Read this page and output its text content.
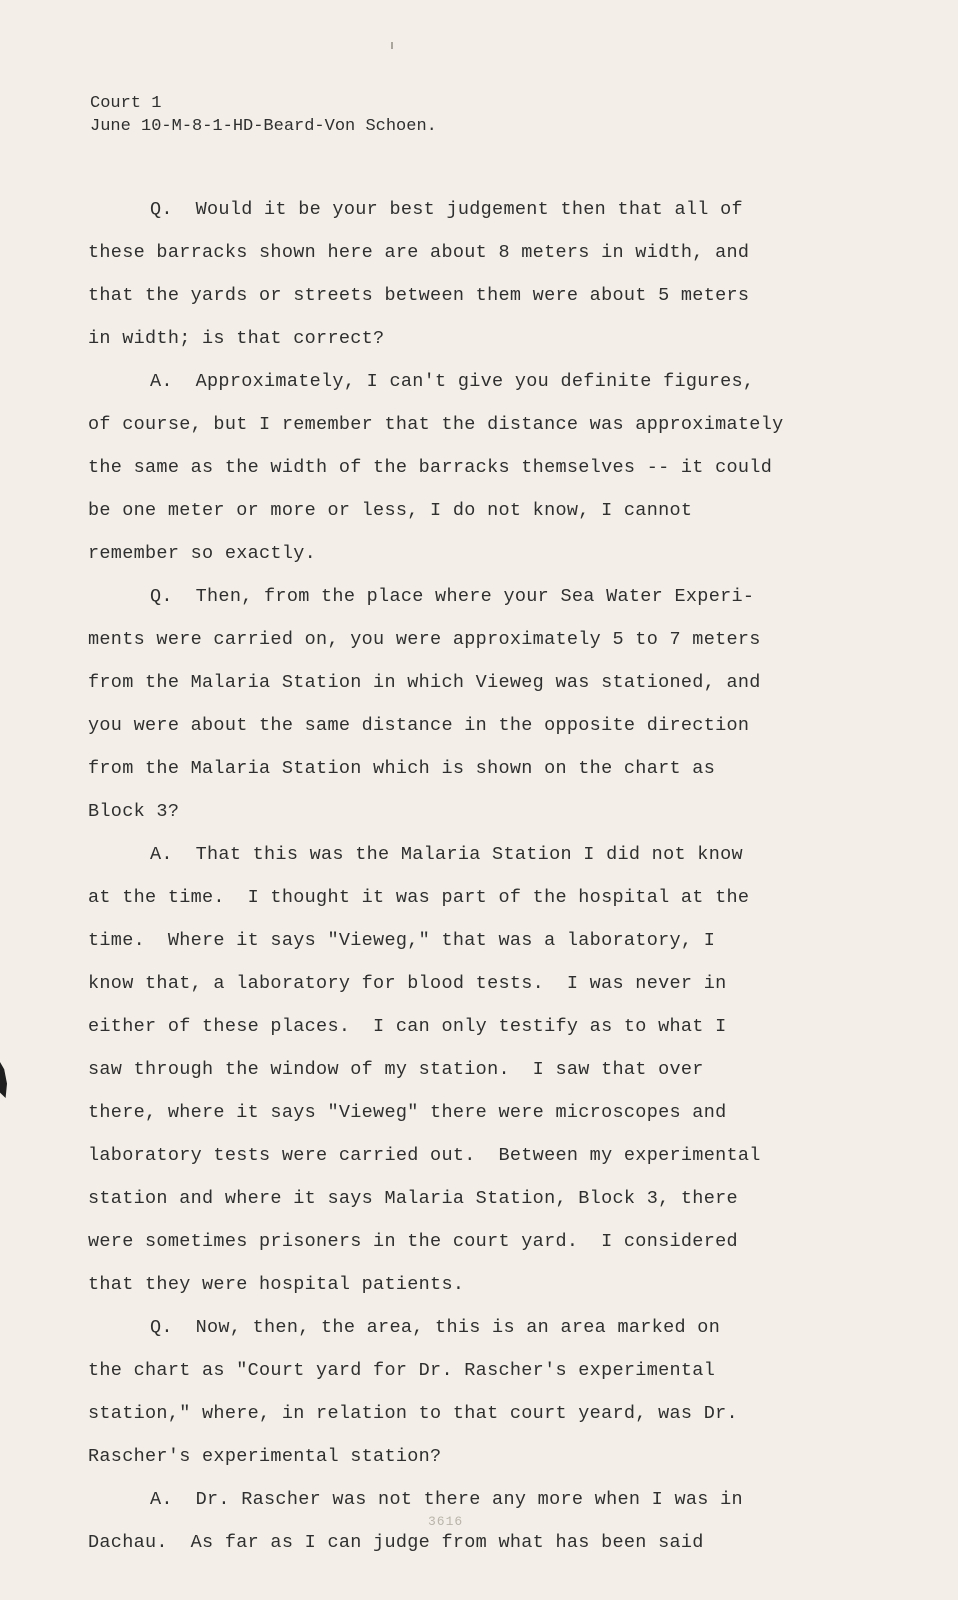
Court 1
June 10-M-8-1-HD-Beard-Von Schoen.
Q.  Would it be your best judgement then that all of
these barracks shown here are about 8 meters in width, and
that the yards or streets between them were about 5 meters
in width; is that correct?
A.  Approximately, I can't give you definite figures,
of course, but I remember that the distance was approximately
the same as the width of the barracks themselves -- it could
be one meter or more or less, I do not know, I cannot
remember so exactly.
Q.  Then, from the place where your Sea Water Experi-
ments were carried on, you were approximately 5 to 7 meters
from the Malaria Station in which Vieweg was stationed, and
you were about the same distance in the opposite direction
from the Malaria Station which is shown on the chart as
Block 3?
A.  That this was the Malaria Station I did not know
at the time.  I thought it was part of the hospital at the
time.  Where it says "Vieweg," that was a laboratory, I
know that, a laboratory for blood tests.  I was never in
either of these places.  I can only testify as to what I
saw through the window of my station.  I saw that over
there, where it says "Vieweg" there were microscopes and
laboratory tests were carried out.  Between my experimental
station and where it says Malaria Station, Block 3, there
were sometimes prisoners in the court yard.  I considered
that they were hospital patients.
Q.  Now, then, the area, this is an area marked on
the chart as "Court yard for Dr. Rascher's experimental
station," where, in relation to that court yeard, was Dr.
Rascher's experimental station?
A.  Dr. Rascher was not there any more when I was in
Dachau.  As far as I can judge from what has been said
3616
